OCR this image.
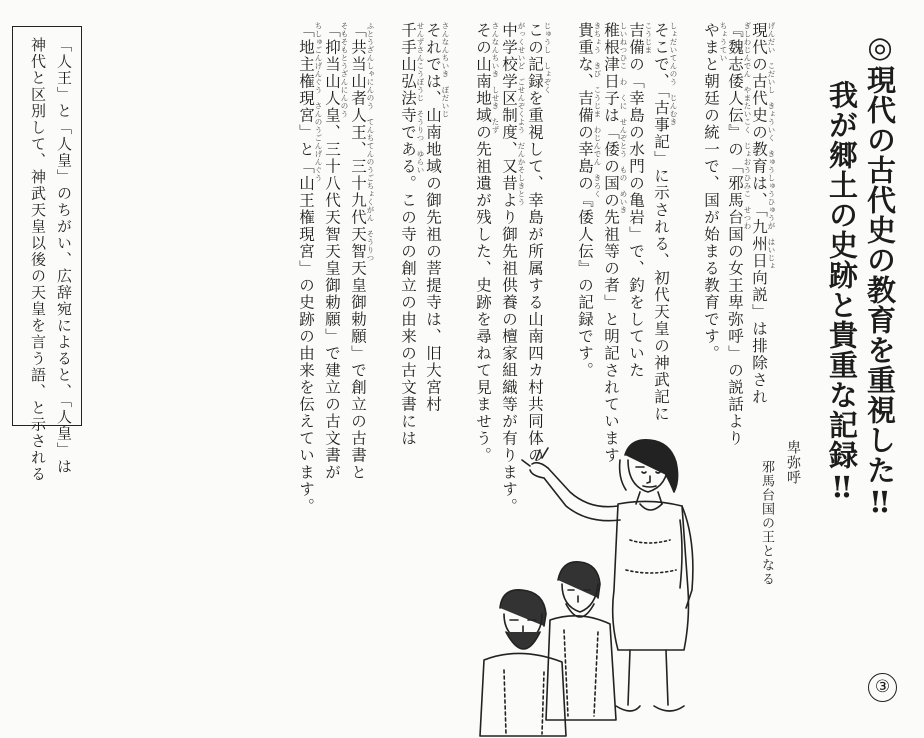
◎現代の古代史の教育を重視した‼
我が郷土の史跡と貴重な記録‼
現代の古代史の教育は、「九州日向説」は排除され
『魏志倭人伝』の「邪馬台国の女王卑弥呼」の説話より
やまと朝廷の統一で、国が始まる教育です。
そこで、「古事記」に示される、初代天皇の神武記に
吉備の「幸島の水門の亀岩」で、釣をしていた
稚根津日子は「倭の国の先祖等の者」と明記されています
貴重な、吉備の幸島の『倭人伝』の記録です。
この記録を重視して、幸島が所属する山南四カ村共同体の
中学校学区制度、又昔より御先祖供養の檀家組織等が有ります。
その山南地域の先祖遺が残した、史跡を尋ねて見ませう。
それでは、山南地域の御先祖の菩提寺は、旧大宮村
千手山弘法寺である。この寺の創立の由来の古文書には
「共当山者人王、三十九代天智天皇御勅願」で創立の古書と
「抑当山人皇、三十八代天智天皇御勅願」で建立の古文書が
「地主権現宮」と「山王権現宮」の史跡の由来を伝えています。	げんだい　こだいし　きょういく　きゅうしゅうひゅうが　はいじょ
ぎしわじんでん　やまたいこく　じょおうひみこ　せつわ
ちょうてい
しょだいてんのう　じんむき
こうじま
しいねつひこ　わ　くに　せんぞとう　もの　めいき
きちょう　きび　こうじま　わじんでん　きろく
じゅうし　しょぞく
がっくせいど　ごせんぞくよう　だんかそしきとう
さんなんちいき　しせき　たず
さんなんちいき　ぼだいじ
せんずさんこうぼうじ　そうりつ　ゆらい
ふとうざんしゃにんのう　てんちてんのうごちょくがん　そうりつ
そもそもとうざんにんのう
ちしゅごんげんぐう　さんのうごんげんぐう
「人王」と「人皇」のちがい、広辞宛によると、「人皇」は
神代と区別して、神武天皇以後の天皇を言う語、と示される	卑弥呼
邪馬台国の王となる
③
